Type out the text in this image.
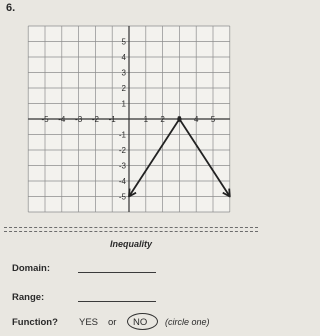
6.
-5 -4 -3 -2 -1	1 2	4 5
5
4
3
2
1
-1
-2
-3
-4
-5
Inequality
Domain:
Range:
Function? YES or NO (circle one)
